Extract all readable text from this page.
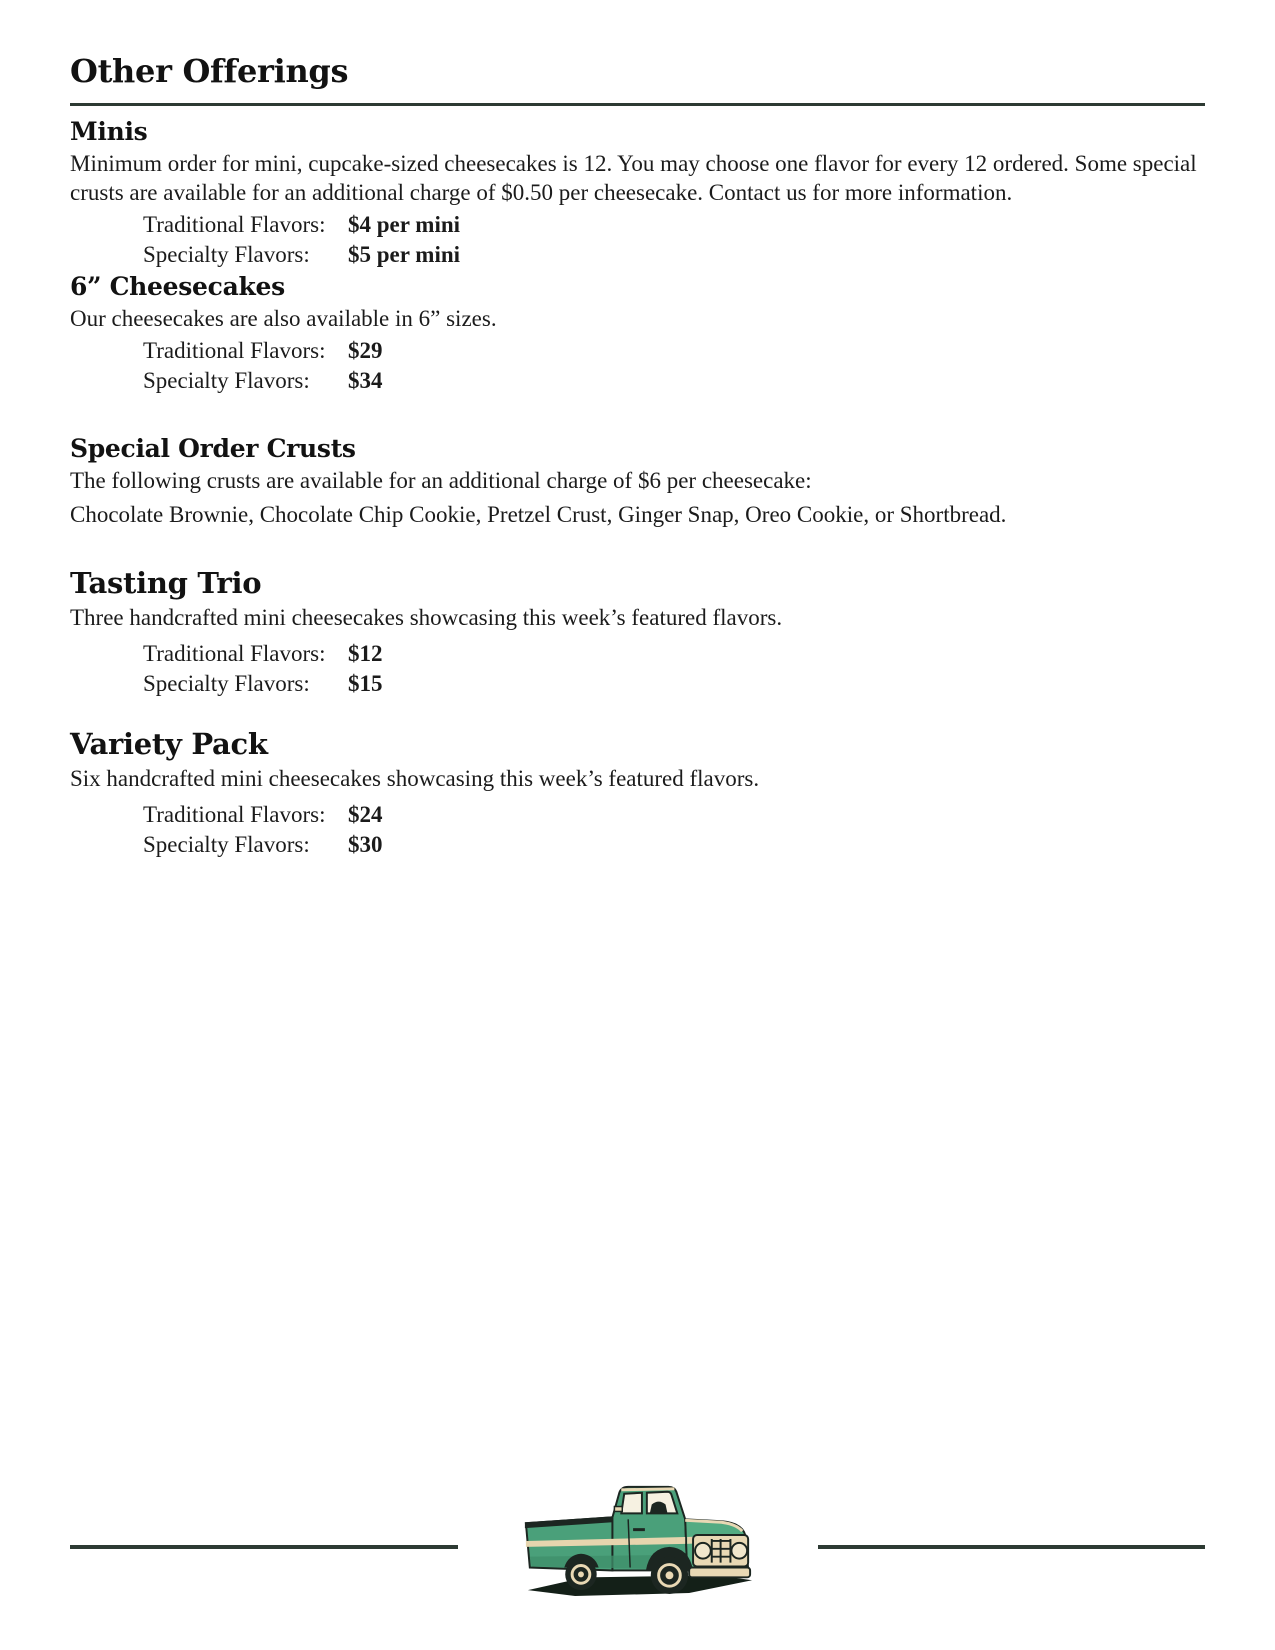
Other Offerings
Minis

Minimum order for mini, cupcake-sized cheesecakes is 12. You may choose one flavor for every 12 ordered. Some special crusts are available for an additional charge of $0.50 per cheesecake. Contact us for more information.

Traditional Flavors: $4 per mini
Specialty Flavors:	$5 per mini
6” Cheesecakes

Our cheesecakes are also available in 6” sizes.

Traditional Flavors: $29
Specialty Flavors:	$34
Special Order Crusts

The following crusts are available for an additional charge of $6 per cheesecake:

Chocolate Brownie, Chocolate Chip Cookie, Pretzel Crust, Ginger Snap, Oreo Cookie, or Shortbread.

Tasting Trio

Three handcrafted mini cheesecakes showcasing this week’s featured flavors.

Traditional Flavors: $12
Specialty Flavors:	$15
Variety Pack

Six handcrafted mini cheesecakes showcasing this week’s featured flavors.

Traditional Flavors: $24
Specialty Flavors:	$30
